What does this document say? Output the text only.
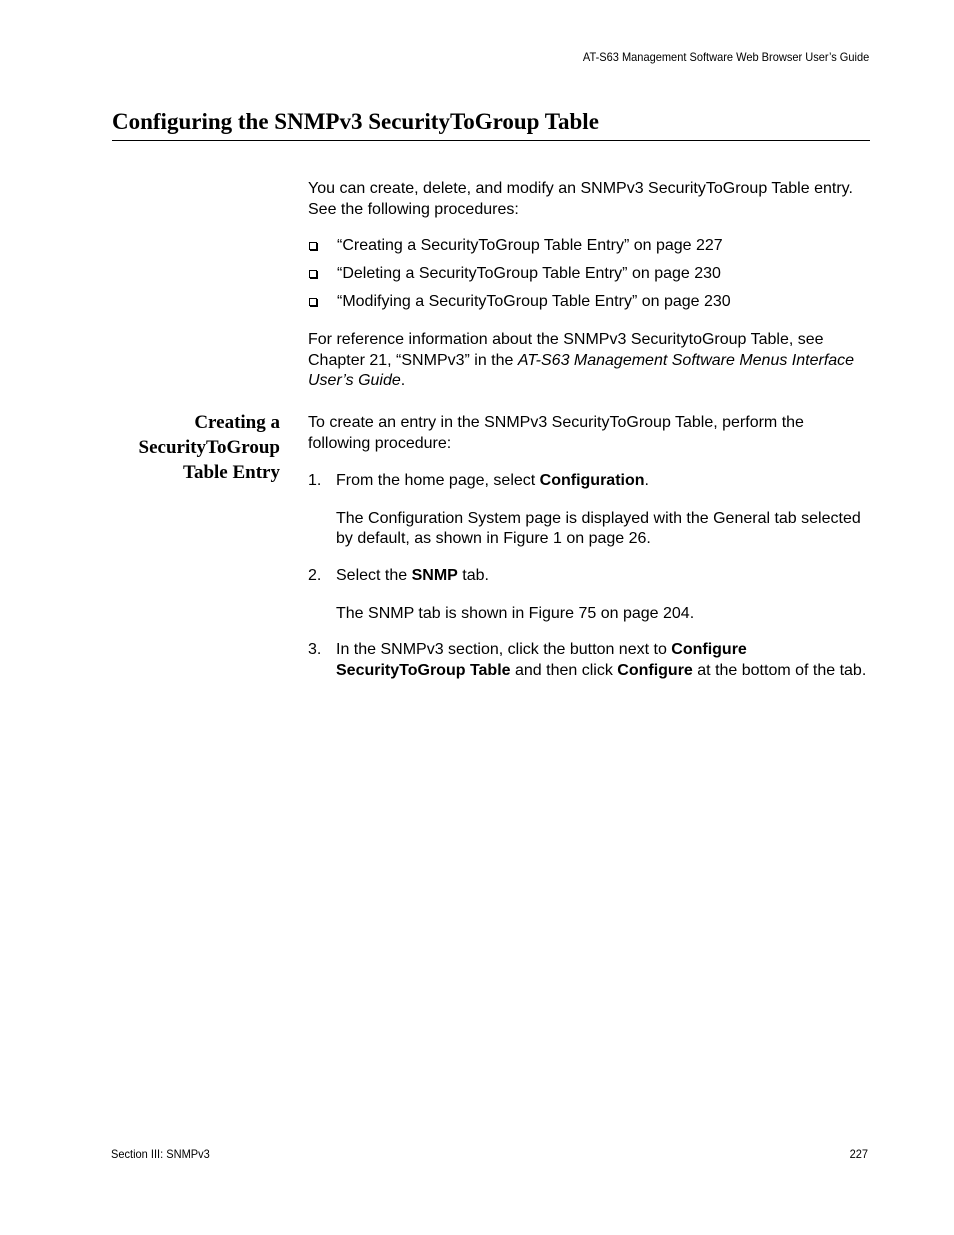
AT-S63 Management Software Web Browser User’s Guide
Configuring the SNMPv3 SecurityToGroup Table

You can create, delete, and modify an SNMPv3 SecurityToGroup Table entry. See the following procedures:

“Creating a SecurityToGroup Table Entry” on page 227
“Deleting a SecurityToGroup Table Entry” on page 230
“Modifying a SecurityToGroup Table Entry” on page 230

For reference information about the SNMPv3 SecuritytoGroup Table, see Chapter 21, “SNMPv3” in the AT-S63 Management Software Menus Interface User’s Guide.

Creating a
SecurityToGroup
Table Entry

To create an entry in the SNMPv3 SecurityToGroup Table, perform the following procedure:

1. From the home page, select Configuration.

The Configuration System page is displayed with the General tab selected by default, as shown in Figure 1 on page 26.

2. Select the SNMP tab.

The SNMP tab is shown in Figure 75 on page 204.

3. In the SNMPv3 section, click the button next to Configure SecurityToGroup Table and then click Configure at the bottom of the tab.

Section III: SNMPv3	227
